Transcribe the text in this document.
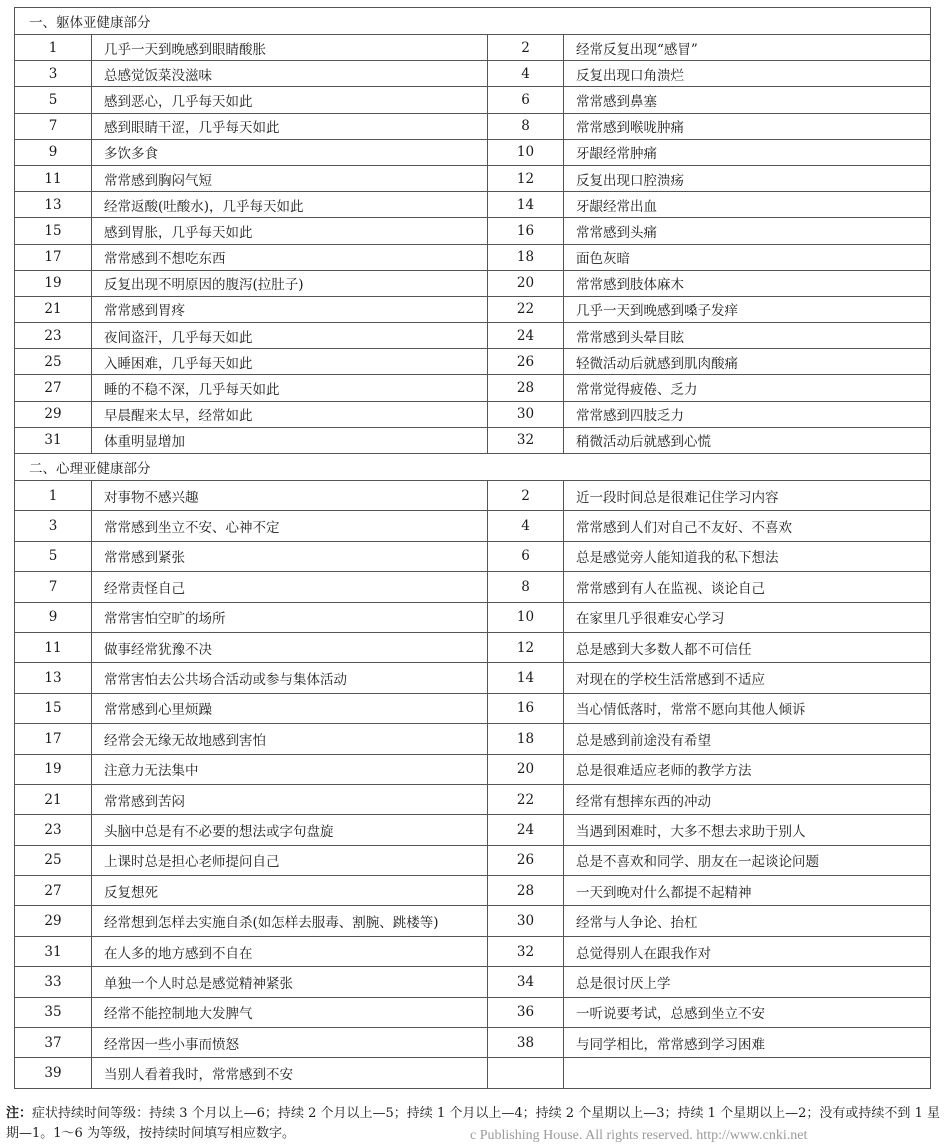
一、躯体亚健康部分			
1	几乎一天到晚感到眼睛酸胀	2	经常反复出现“感冒”
3	总感觉饭菜没滋味	4	反复出现口角溃烂
5	感到恶心，几乎每天如此	6	常常感到鼻塞
7	感到眼睛干涩，几乎每天如此	8	常常感到喉咙肿痛
9	多饮多食	10	牙龈经常肿痛
11	常常感到胸闷气短	12	反复出现口腔溃疡
13	经常返酸(吐酸水)，几乎每天如此	14	牙龈经常出血
15	感到胃胀，几乎每天如此	16	常常感到头痛
17	常常感到不想吃东西	18	面色灰暗
19	反复出现不明原因的腹泻(拉肚子)	20	常常感到肢体麻木
21	常常感到胃疼	22	几乎一天到晚感到嗓子发痒
23	夜间盗汗，几乎每天如此	24	常常感到头晕目眩
25	入睡困难，几乎每天如此	26	轻微活动后就感到肌肉酸痛
27	睡的不稳不深，几乎每天如此	28	常常觉得疲倦、乏力
29	早晨醒来太早，经常如此	30	常常感到四肢乏力
31	体重明显增加	32	稍微活动后就感到心慌
二、心理亚健康部分			
1	对事物不感兴趣	2	近一段时间总是很难记住学习内容
3	常常感到坐立不安、心神不定	4	常常感到人们对自己不友好、不喜欢
5	常常感到紧张	6	总是感觉旁人能知道我的私下想法
7	经常责怪自己	8	常常感到有人在监视、谈论自己
9	常常害怕空旷的场所	10	在家里几乎很难安心学习
11	做事经常犹豫不决	12	总是感到大多数人都不可信任
13	常常害怕去公共场合活动或参与集体活动	14	对现在的学校生活常感到不适应
15	常常感到心里烦躁	16	当心情低落时，常常不愿向其他人倾诉
17	经常会无缘无故地感到害怕	18	总是感到前途没有希望
19	注意力无法集中	20	总是很难适应老师的教学方法
21	常常感到苦闷	22	经常有想摔东西的冲动
23	头脑中总是有不必要的想法或字句盘旋	24	当遇到困难时，大多不想去求助于别人
25	上课时总是担心老师提问自己	26	总是不喜欢和同学、朋友在一起谈论问题
27	反复想死	28	一天到晚对什么都提不起精神
29	经常想到怎样去实施自杀(如怎样去服毒、割腕、跳楼等)	30	经常与人争论、抬杠
31	在人多的地方感到不自在	32	总觉得别人在跟我作对
33	单独一个人时总是感觉精神紧张	34	总是很讨厌上学
35	经常不能控制地大发脾气	36	一听说要考试，总感到坐立不安
37	经常因一些小事而愤怒	38	与同学相比，常常感到学习困难
39	当别人看着我时，常常感到不安		
注：症状持续时间等级：持续 3 个月以上—6；持续 2 个月以上—5；持续 1 个月以上—4；持续 2 个星期以上—3；持续 1 个星期以上—2；没有或持续不到 1 星期—1。1～6 为等级，按持续时间填写相应数字。	c Publishing House. All rights reserved. http://www.cnki.net
